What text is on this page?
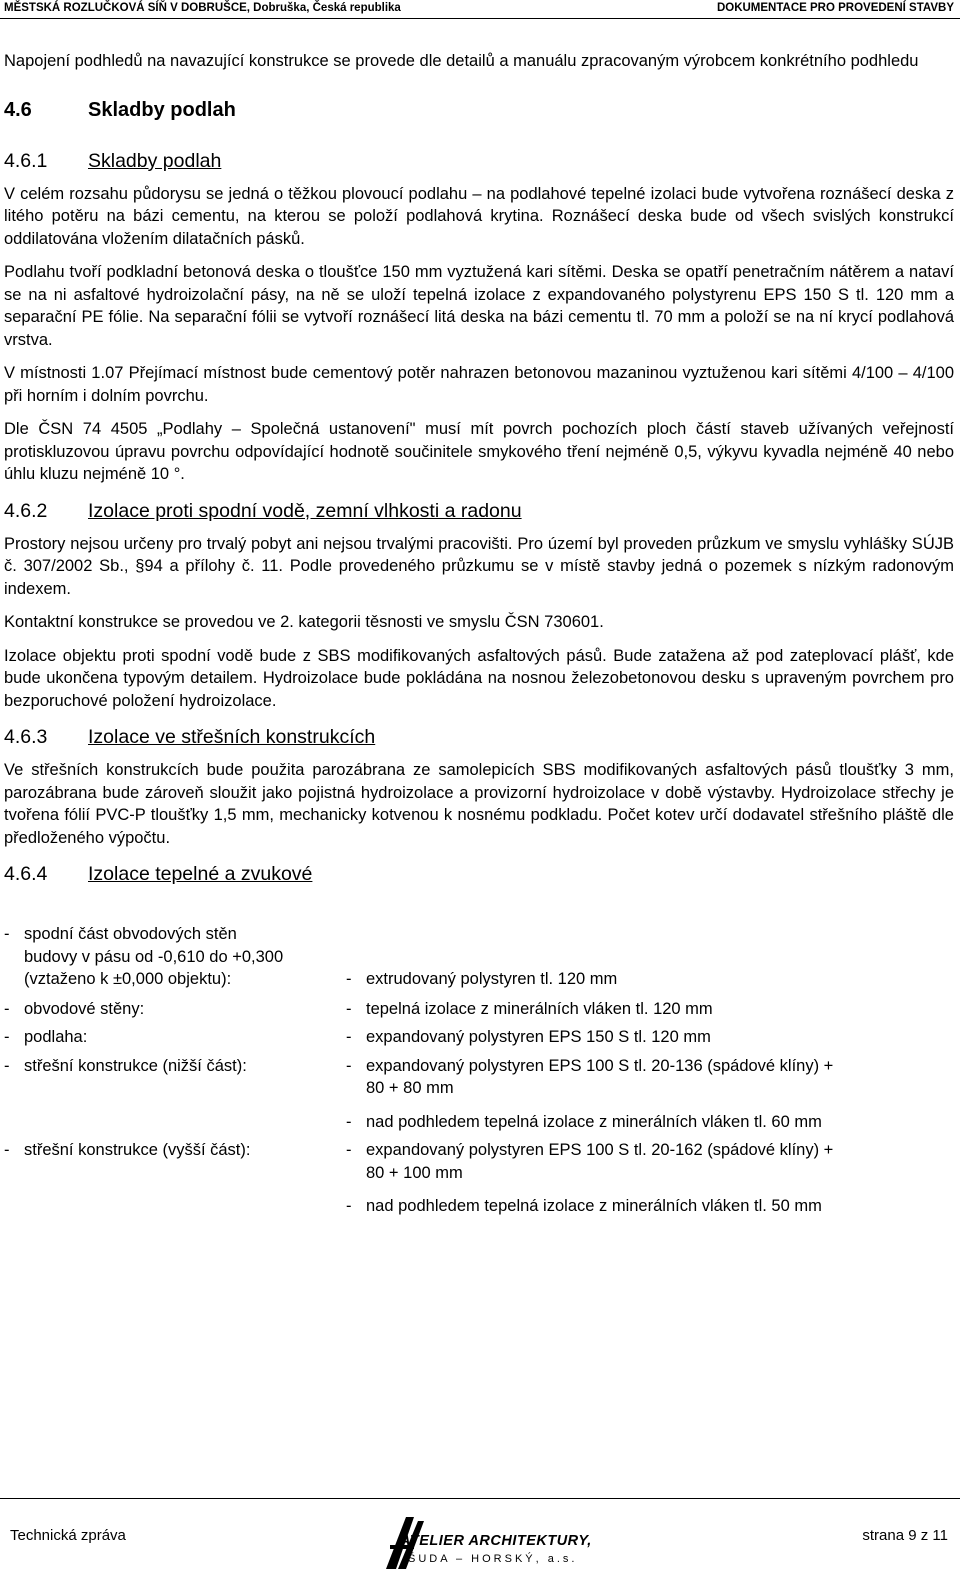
MĚSTSKÁ ROZLUČKOVÁ SÍŇ V DOBRUŠCE, Dobruška, Česká republika	DOKUMENTACE PRO PROVEDENÍ STAVBY

Napojení podhledů na navazující konstrukce se provede dle detailů a manuálu zpracovaným výrobcem konkrétního podhledu

4.6	Skladby podlah
4.6.1	Skladby podlah

V celém rozsahu půdorysu se jedná o těžkou plovoucí podlahu – na podlahové tepelné izolaci bude vytvořena roznášecí deska z litého potěru na bázi cementu, na kterou se položí podlahová krytina. Roznášecí deska bude od všech svislých konstrukcí oddilatována vložením dilatačních pásků.

Podlahu tvoří podkladní betonová deska o tloušťce 150 mm vyztužená kari sítěmi. Deska se opatří penetračním nátěrem a nataví se na ni asfaltové hydroizolační pásy, na ně se uloží tepelná izolace z expandovaného polystyrenu EPS 150 S tl. 120 mm a separační PE fólie. Na separační fólii se vytvoří roznášecí litá deska na bázi cementu tl. 70 mm a položí se na ní krycí podlahová vrstva.

V místnosti 1.07 Přejímací místnost bude cementový potěr nahrazen betonovou mazaninou vyztuženou kari sítěmi 4/100 – 4/100 při horním i dolním povrchu.

Dle ČSN 74 4505 „Podlahy – Společná ustanovení" musí mít povrch pochozích ploch částí staveb užívaných veřejností protiskluzovou úpravu povrchu odpovídající hodnotě součinitele smykového tření nejméně 0,5, výkyvu kyvadla nejméně 40 nebo úhlu kluzu nejméně 10 °.

4.6.2	Izolace proti spodní vodě, zemní vlhkosti a radonu

Prostory nejsou určeny pro trvalý pobyt ani nejsou trvalými pracovišti. Pro území byl proveden průzkum ve smyslu vyhlášky SÚJB č. 307/2002 Sb., §94 a přílohy č. 11. Podle provedeného průzkumu se v místě stavby jedná o pozemek s nízkým radonovým indexem.

Kontaktní konstrukce se provedou ve 2. kategorii těsnosti ve smyslu ČSN 730601.

Izolace objektu proti spodní vodě bude z SBS modifikovaných asfaltových pásů. Bude zatažena až pod zateplovací plášť, kde bude ukončena typovým detailem. Hydroizolace bude pokládána na nosnou železobetonovou desku s upraveným povrchem pro bezporuchové položení hydroizolace.

4.6.3	Izolace ve střešních konstrukcích

Ve střešních konstrukcích bude použita parozábrana ze samolepicích SBS modifikovaných asfaltových pásů tloušťky 3 mm, parozábrana bude zároveň sloužit jako pojistná hydroizolace a provizorní hydroizolace v době výstavby. Hydroizolace střechy je tvořena fólií PVC-P tloušťky 1,5 mm, mechanicky kotvenou k nosnému podkladu. Počet kotev určí dodavatel střešního pláště dle předloženého výpočtu.

4.6.4	Izolace tepelné a zvukové
- spodní část obvodových stěn budovy v pásu od -0,610 do +0,300 (vztaženo k ±0,000 objektu):	- extrudovaný polystyren tl. 120 mm
- obvodové stěny:	- tepelná izolace z minerálních vláken tl. 120 mm
- podlaha:	- expandovaný polystyren EPS 150 S tl. 120 mm
- střešní konstrukce (nižší část):	- expandovaný polystyren EPS 100 S tl. 20-136 (spádové klíny) +
80 + 80 mm
- nad podhledem tepelná izolace z minerálních vláken tl. 60 mm
- střešní konstrukce (vyšší část):	- expandovaný polystyren EPS 100 S tl. 20-162 (spádové klíny) +
80 + 100 mm
- nad podhledem tepelná izolace z minerálních vláken tl. 50 mm
Technická zpráva	ATELIER ARCHITEKTURY,
ŠUDA – HORSKÝ, a.s.
strana 9 z 11
